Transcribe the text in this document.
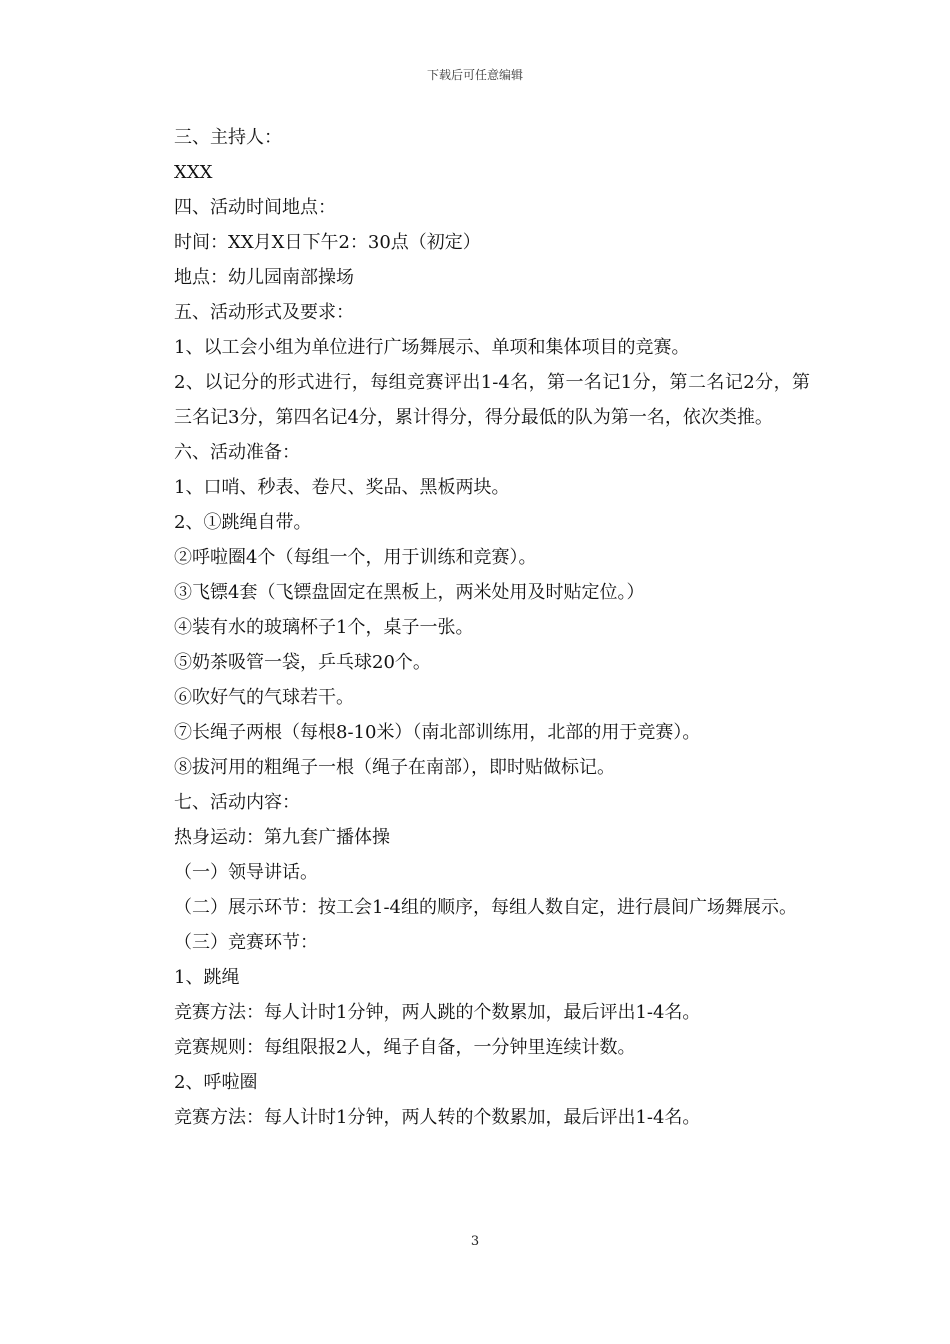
下载后可任意编辑
三、主持人：
XXX
四、活动时间地点：
时间：XX月X日下午2：30点（初定）
地点：幼儿园南部操场
五、活动形式及要求：
1、以工会小组为单位进行广场舞展示、单项和集体项目的竞赛。
2、以记分的形式进行，每组竞赛评出1-4名，第一名记1分，第二名记2分，第三名记3分，第四名记4分，累计得分，得分最低的队为第一名，依次类推。
六、活动准备：
1、口哨、秒表、卷尺、奖品、黑板两块。
2、①跳绳自带。
②呼啦圈4个（每组一个，用于训练和竞赛）。
③飞镖4套（飞镖盘固定在黑板上，两米处用及时贴定位。）
④装有水的玻璃杯子1个，桌子一张。
⑤奶茶吸管一袋，乒乓球20个。
⑥吹好气的气球若干。
⑦长绳子两根（每根8-10米）（南北部训练用，北部的用于竞赛）。
⑧拔河用的粗绳子一根（绳子在南部），即时贴做标记。
七、活动内容：
热身运动：第九套广播体操
（一）领导讲话。
（二）展示环节：按工会1-4组的顺序，每组人数自定，进行晨间广场舞展示。
（三）竞赛环节：
1、跳绳
竞赛方法：每人计时1分钟，两人跳的个数累加，最后评出1-4名。
竞赛规则：每组限报2人，绳子自备，一分钟里连续计数。
2、呼啦圈
竞赛方法：每人计时1分钟，两人转的个数累加，最后评出1-4名。
3
